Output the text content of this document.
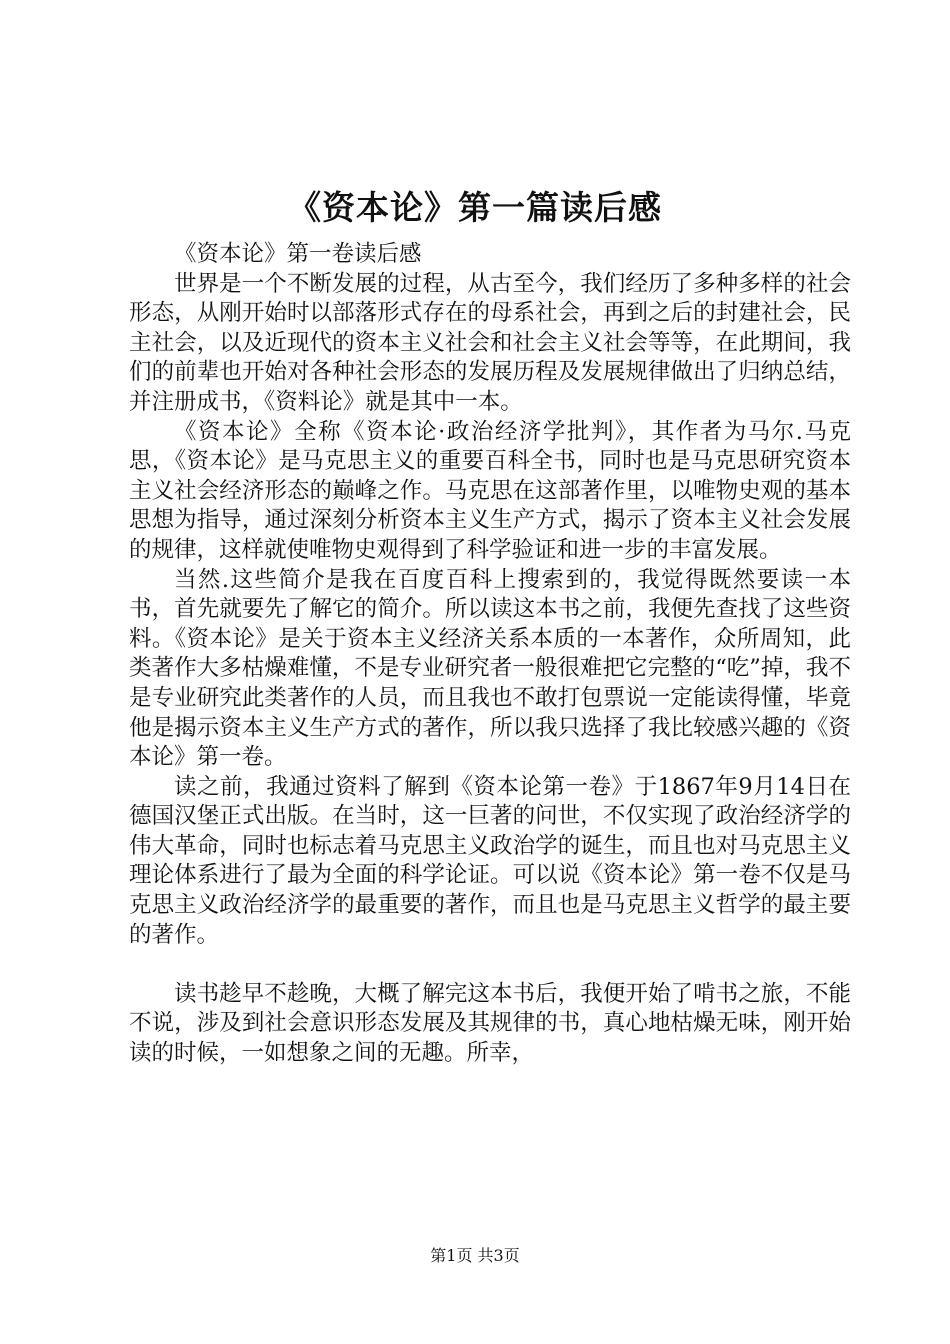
《资本论》第一篇读后感

《资本论》第一卷读后感

世界是一个不断发展的过程，从古至今，我们经历了多种多样的社会形态，从刚开始时以部落形式存在的母系社会，再到之后的封建社会，民主社会，以及近现代的资本主义社会和社会主义社会等等，在此期间，我们的前辈也开始对各种社会形态的发展历程及发展规律做出了归纳总结，并注册成书，《资料论》就是其中一本。

《资本论》全称《资本论·政治经济学批判》，其作者为马尔.马克思，《资本论》是马克思主义的重要百科全书，同时也是马克思研究资本主义社会经济形态的巅峰之作。马克思在这部著作里，以唯物史观的基本思想为指导，通过深刻分析资本主义生产方式，揭示了资本主义社会发展的规律，这样就使唯物史观得到了科学验证和进一步的丰富发展。

当然.这些简介是我在百度百科上搜索到的，我觉得既然要读一本书，首先就要先了解它的简介。所以读这本书之前，我便先查找了这些资料。《资本论》是关于资本主义经济关系本质的一本著作，众所周知，此类著作大多枯燥难懂，不是专业研究者一般很难把它完整的“吃”掉，我不是专业研究此类著作的人员，而且我也不敢打包票说一定能读得懂，毕竟他是揭示资本主义生产方式的著作，所以我只选择了我比较感兴趣的《资本论》第一卷。

读之前，我通过资料了解到《资本论第一卷》于1867年9月14日在德国汉堡正式出版。在当时，这一巨著的问世，不仅实现了政治经济学的伟大革命，同时也标志着马克思主义政治学的诞生，而且也对马克思主义理论体系进行了最为全面的科学论证。可以说《资本论》第一卷不仅是马克思主义政治经济学的最重要的著作，而且也是马克思主义哲学的最主要的著作。

读书趁早不趁晚，大概了解完这本书后，我便开始了啃书之旅，不能不说，涉及到社会意识形态发展及其规律的书，真心地枯燥无味，刚开始读的时候，一如想象之间的无趣。所幸，

第1页 共3页
